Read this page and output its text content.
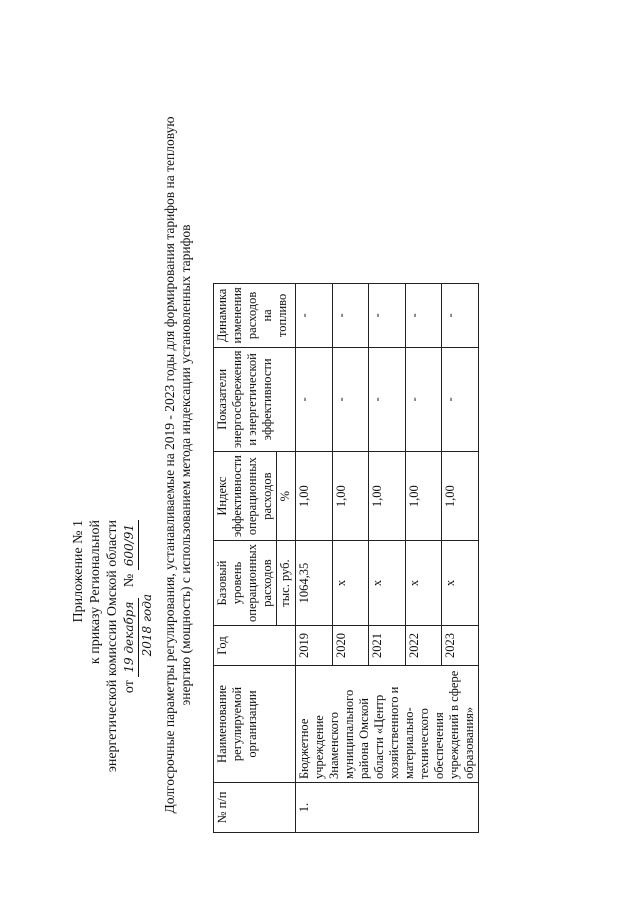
Приложение № 1 к приказу Региональной энергетической комиссии Омской области от 19 декабря   № 600/91
2018 года Долгосрочные параметры регулирования, устанавливаемые на 2019 - 2023 годы для формирования тарифов на тепловую энергию (мощность) с использованием метода индексации установленных тарифов
№ п/п	Наименование регулируемой организации	Год	Базовый уровень операционных расходов	Индекс эффективности операционных расходов	Показатели энергосбережения и энергетической эффективности	Динамика изменения расходов на топливо
			тыс. руб.	%		
1.	Бюджетное учреждение Знаменского муниципального района Омской области «Центр хозяйственного и материально-технического обеспечения учреждений в сфере образования»	2019	1064,35	1,00	-	-
		2020	х	1,00	-	-
		2021	х	1,00	-	-
		2022	х	1,00	-	-
		2023	х	1,00	-	-
